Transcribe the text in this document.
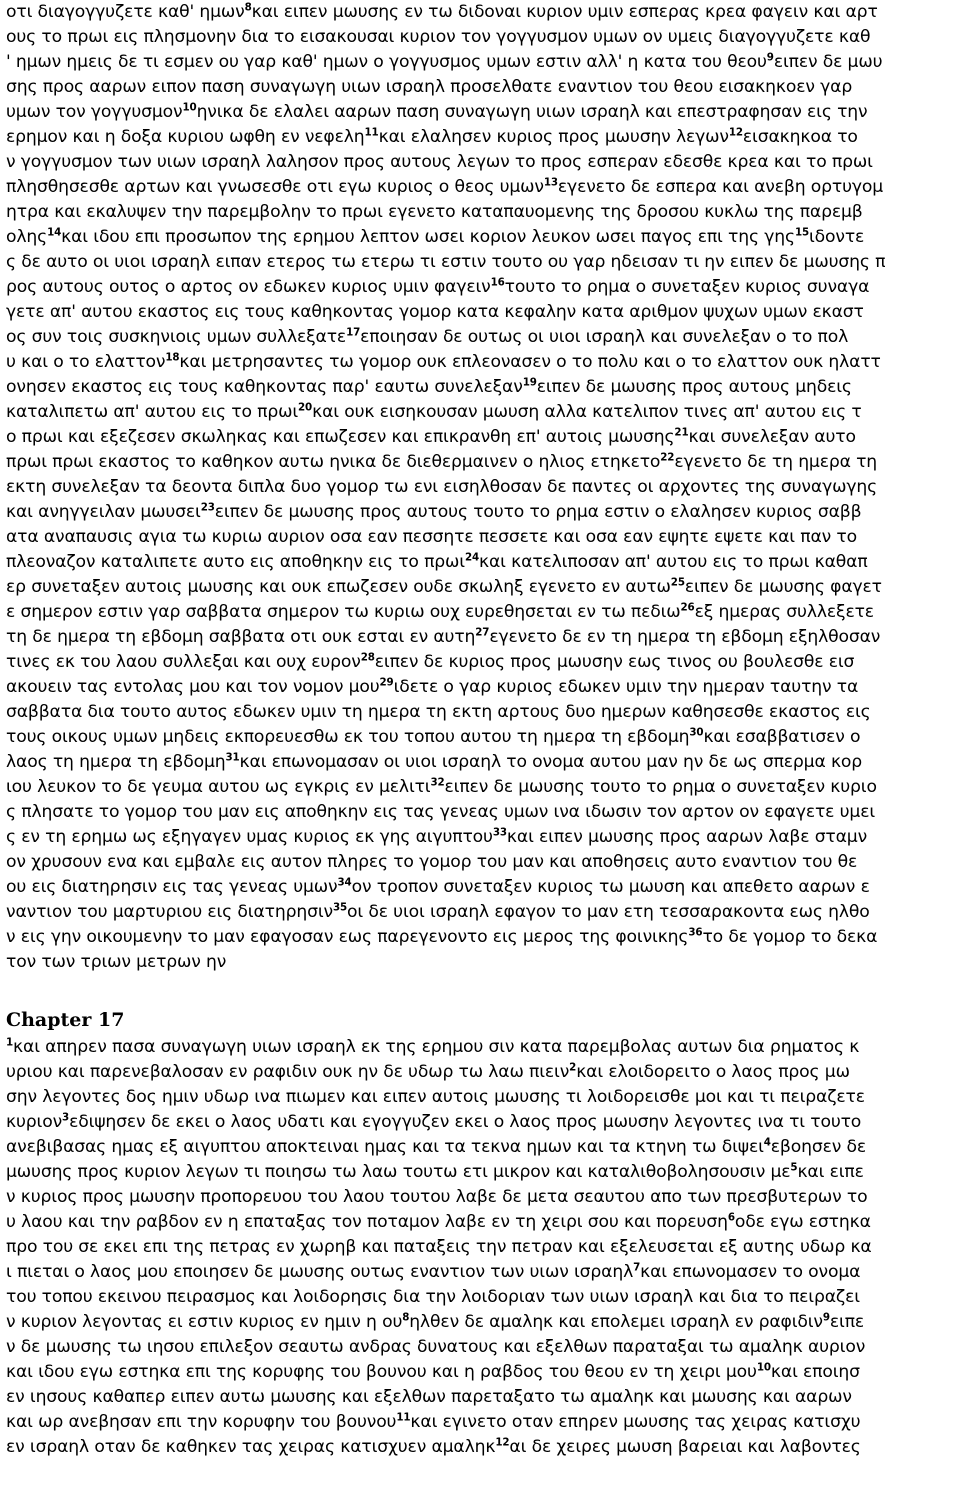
οτι διαγογγυζετε καθ' ημων$^8$και ειπεν μωυσης εν τω διδοναι κυριον υμιν εσπερας κρεα φαγειν και αρτ
ους το πρωι εις πλησμονην δια το εισακουσαι κυριον τον γογγυσμον υμων ον υμεις διαγογγυζετε καθ
' ημων ημεις δε τι εσμεν ου γαρ καθ' ημων ο γογγυσμος υμων εστιν αλλ' η κατα του θεου$^9$ειπεν δε μωυ
σης προς ααρων ειπον παση συναγωγη υιων ισραηλ προσελθατε εναντιον του θεου εισακηκοεν γαρ
υμων τον γογγυσμον$^{10}$ηνικα δε ελαλει ααρων παση συναγωγη υιων ισραηλ και επεστραφησαν εις την
ερημον και η δοξα κυριου ωφθη εν νεφελη$^{11}$και ελαλησεν κυριος προς μωυσην λεγων$^{12}$εισακηκοα το
ν γογγυσμον των υιων ισραηλ λαλησον προς αυτους λεγων το προς εσπεραν εδεσθε κρεα και το πρωι
πλησθησεσθε αρτων και γνωσεσθε οτι εγω κυριος ο θεος υμων$^{13}$εγενετο δε εσπερα και ανεβη ορτυγομ
ητρα και εκαλυψεν την παρεμβολην το πρωι εγενετο καταπαυομενης της δροσου κυκλω της παρεμβ
ολης$^{14}$και ιδου επι προσωπον της ερημου λεπτον ωσει κοριον λευκον ωσει παγος επι της γης$^{15}$ιδοντε
ς δε αυτο οι υιοι ισραηλ ειπαν ετερος τω ετερω τι εστιν τουτο ου γαρ ηδεισαν τι ην ειπεν δε μωυσης π
ρος αυτους ουτος ο αρτος ον εδωκεν κυριος υμιν φαγειν$^{16}$τουτο το ρημα ο συνεταξεν κυριος συναγα
γετε απ' αυτου εκαστος εις τους καθηκοντας γομορ κατα κεφαλην κατα αριθμον ψυχων υμων εκαστ
ος συν τοις συσκηνιοις υμων συλλεξατε$^{17}$εποιησαν δε ουτως οι υιοι ισραηλ και συνελεξαν ο το πολ
υ και ο το ελαττον$^{18}$και μετρησαντες τω γομορ ουκ επλεονασεν ο το πολυ και ο το ελαττον ουκ ηλαττ
ονησεν εκαστος εις τους καθηκοντας παρ' εαυτω συνελεξαν$^{19}$ειπεν δε μωυσης προς αυτους μηδεις
καταλιπετω απ' αυτου εις το πρωι$^{20}$και ουκ εισηκουσαν μωυση αλλα κατελιπον τινες απ' αυτου εις τ
ο πρωι και εξεζεσεν σκωληκας και επωζεσεν και επικρανθη επ' αυτοις μωυσης$^{21}$και συνελεξαν αυτο
πρωι πρωι εκαστος το καθηκον αυτω ηνικα δε διεθερμαινεν ο ηλιος ετηκετο$^{22}$εγενετο δε τη ημερα τη
εκτη συνελεξαν τα δεοντα διπλα δυο γομορ τω ενι εισηλθοσαν δε παντες οι αρχοντες της συναγωγης
και ανηγγειλαν μωυσει$^{23}$ειπεν δε μωυσης προς αυτους τουτο το ρημα εστιν ο ελαλησεν κυριος σαββ
ατα αναπαυσις αγια τω κυριω αυριον οσα εαν πεσσητε πεσσετε και οσα εαν εψητε εψετε και παν το
πλεοναζον καταλιπετε αυτο εις αποθηκην εις το πρωι$^{24}$και κατελιποσαν απ' αυτου εις το πρωι καθαπ
ερ συνεταξεν αυτοις μωυσης και ουκ επωζεσεν ουδε σκωληξ εγενετο εν αυτω$^{25}$ειπεν δε μωυσης φαγετ
ε σημερον εστιν γαρ σαββατα σημερον τω κυριω ουχ ευρεθησεται εν τω πεδιω$^{26}$εξ ημερας συλλεξετε
τη δε ημερα τη εβδομη σαββατα οτι ουκ εσται εν αυτη$^{27}$εγενετο δε εν τη ημερα τη εβδομη εξηλθοσαν
τινες εκ του λαου συλλεξαι και ουχ ευρον$^{28}$ειπεν δε κυριος προς μωυσην εως τινος ου βουλεσθε εισ
ακουειν τας εντολας μου και τον νομον μου$^{29}$ιδετε ο γαρ κυριος εδωκεν υμιν την ημεραν ταυτην τα
σαββατα δια τουτο αυτος εδωκεν υμιν τη ημερα τη εκτη αρτους δυο ημερων καθησεσθε εκαστος εις
τους οικους υμων μηδεις εκπορευεσθω εκ του τοπου αυτου τη ημερα τη εβδομη$^{30}$και εσαββατισεν ο
λαος τη ημερα τη εβδομη$^{31}$και επωνομασαν οι υιοι ισραηλ το ονομα αυτου μαν ην δε ως σπερμα κορ
ιου λευκον το δε γευμα αυτου ως εγκρις εν μελιτι$^{32}$ειπεν δε μωυσης τουτο το ρημα ο συνεταξεν κυριο
ς πλησατε το γομορ του μαν εις αποθηκην εις τας γενεας υμων ινα ιδωσιν τον αρτον ον εφαγετε υμει
ς εν τη ερημω ως εξηγαγεν υμας κυριος εκ γης αιγυπτου$^{33}$και ειπεν μωυσης προς ααρων λαβε σταμν
ον χρυσουν ενα και εμβαλε εις αυτον πληρες το γομορ του μαν και αποθησεις αυτο εναντιον του θε
ου εις διατηρησιν εις τας γενεας υμων$^{34}$ον τροπον συνεταξεν κυριος τω μωυση και απεθετο ααρων ε
ναντιον του μαρτυριου εις διατηρησιν$^{35}$οι δε υιοι ισραηλ εφαγον το μαν ετη τεσσαρακοντα εως ηλθο
ν εις γην οικουμενην το μαν εφαγοσαν εως παρεγενοντο εις μερος της φοινικης$^{36}$το δε γομορ το δεκα
τον των τριων μετρων ην
Chapter 17
$^1$και απηρεν πασα συναγωγη υιων ισραηλ εκ της ερημου σιν κατα παρεμβολας αυτων δια ρηματος κ
υριου και παρενεβαλοσαν εν ραφιδιν ουκ ην δε υδωρ τω λαω πιειν$^2$και ελοιδορειτο ο λαος προς μω
σην λεγοντες δος ημιν υδωρ ινα πιωμεν και ειπεν αυτοις μωυσης τι λοιδορεισθε μοι και τι πειραζετε
κυριον$^3$εδιψησεν δε εκει ο λαος υδατι και εγογγυζεν εκει ο λαος προς μωυσην λεγοντες ινα τι τουτο
ανεβιβασας ημας εξ αιγυπτου αποκτειναι ημας και τα τεκνα ημων και τα κτηνη τω διψει$^4$εβοησεν δε
μωυσης προς κυριον λεγων τι ποιησω τω λαω τουτω ετι μικρον και καταλιθοβολησουσιν $\mu\varepsilon^5\kappa\alpha\iota$ ειπε
ν κυριος προς μωυσην προπορευου του λαου τουτου λαβε δε μετα σεαυτου απο των πρεσβυτερων το
υ λαου και την ραβδον εν η επαταξας τον ποταμον λαβε εν τη χειρι σου και πορευση$^6$οδε εγω εστηκα
προ του σε εκει επι της πετρας εν χωρηβ και παταξεις την πετραν και εξελευσεται εξ αυτης υδωρ κα
ι πιεται ο λαος μου εποιησεν δε μωυσης ουτως εναντιον των υιων ισραηλ$^7$και επωνομασεν το ονομα
του τοπου εκεινου πειρασμος και λοιδορησις δια την λοιδοριαν των υιων ισραηλ και δια το πειραζει
ν κυριον λεγοντας ει εστιν κυριος εν ημιν η $o\upsilon^8\eta\lambda\theta\varepsilon\nu$ δε αμαληκ και επολεμει ισραηλ εν ραφιδιν$^9$ειπε
ν δε μωυσης τω ιησου επιλεξον σεαυτω ανδρας δυνατους και εξελθων παραταξαι τω αμαληκ αυριον
και ιδου εγω εστηκα επι της κορυφης του βουνου και η ραβδος του θεου εν τη χειρι μου$^{10}$και εποιησ
εν ιησους καθαπερ ειπεν αυτω μωυσης και εξελθων παρεταξατο τω αμαληκ και μωυσης και ααρων
και ωρ ανεβησαν επι την κορυφην του βουνου$^{11}$και εγινετο οταν επηρεν μωυσης τας χειρας κατισχυ
εν ισραηλ οταν δε καθηκεν τας χειρας κατισχυεν αμαληκ$^{12}$αι δε χειρες μωυση βαρειαι και λαβοντες
